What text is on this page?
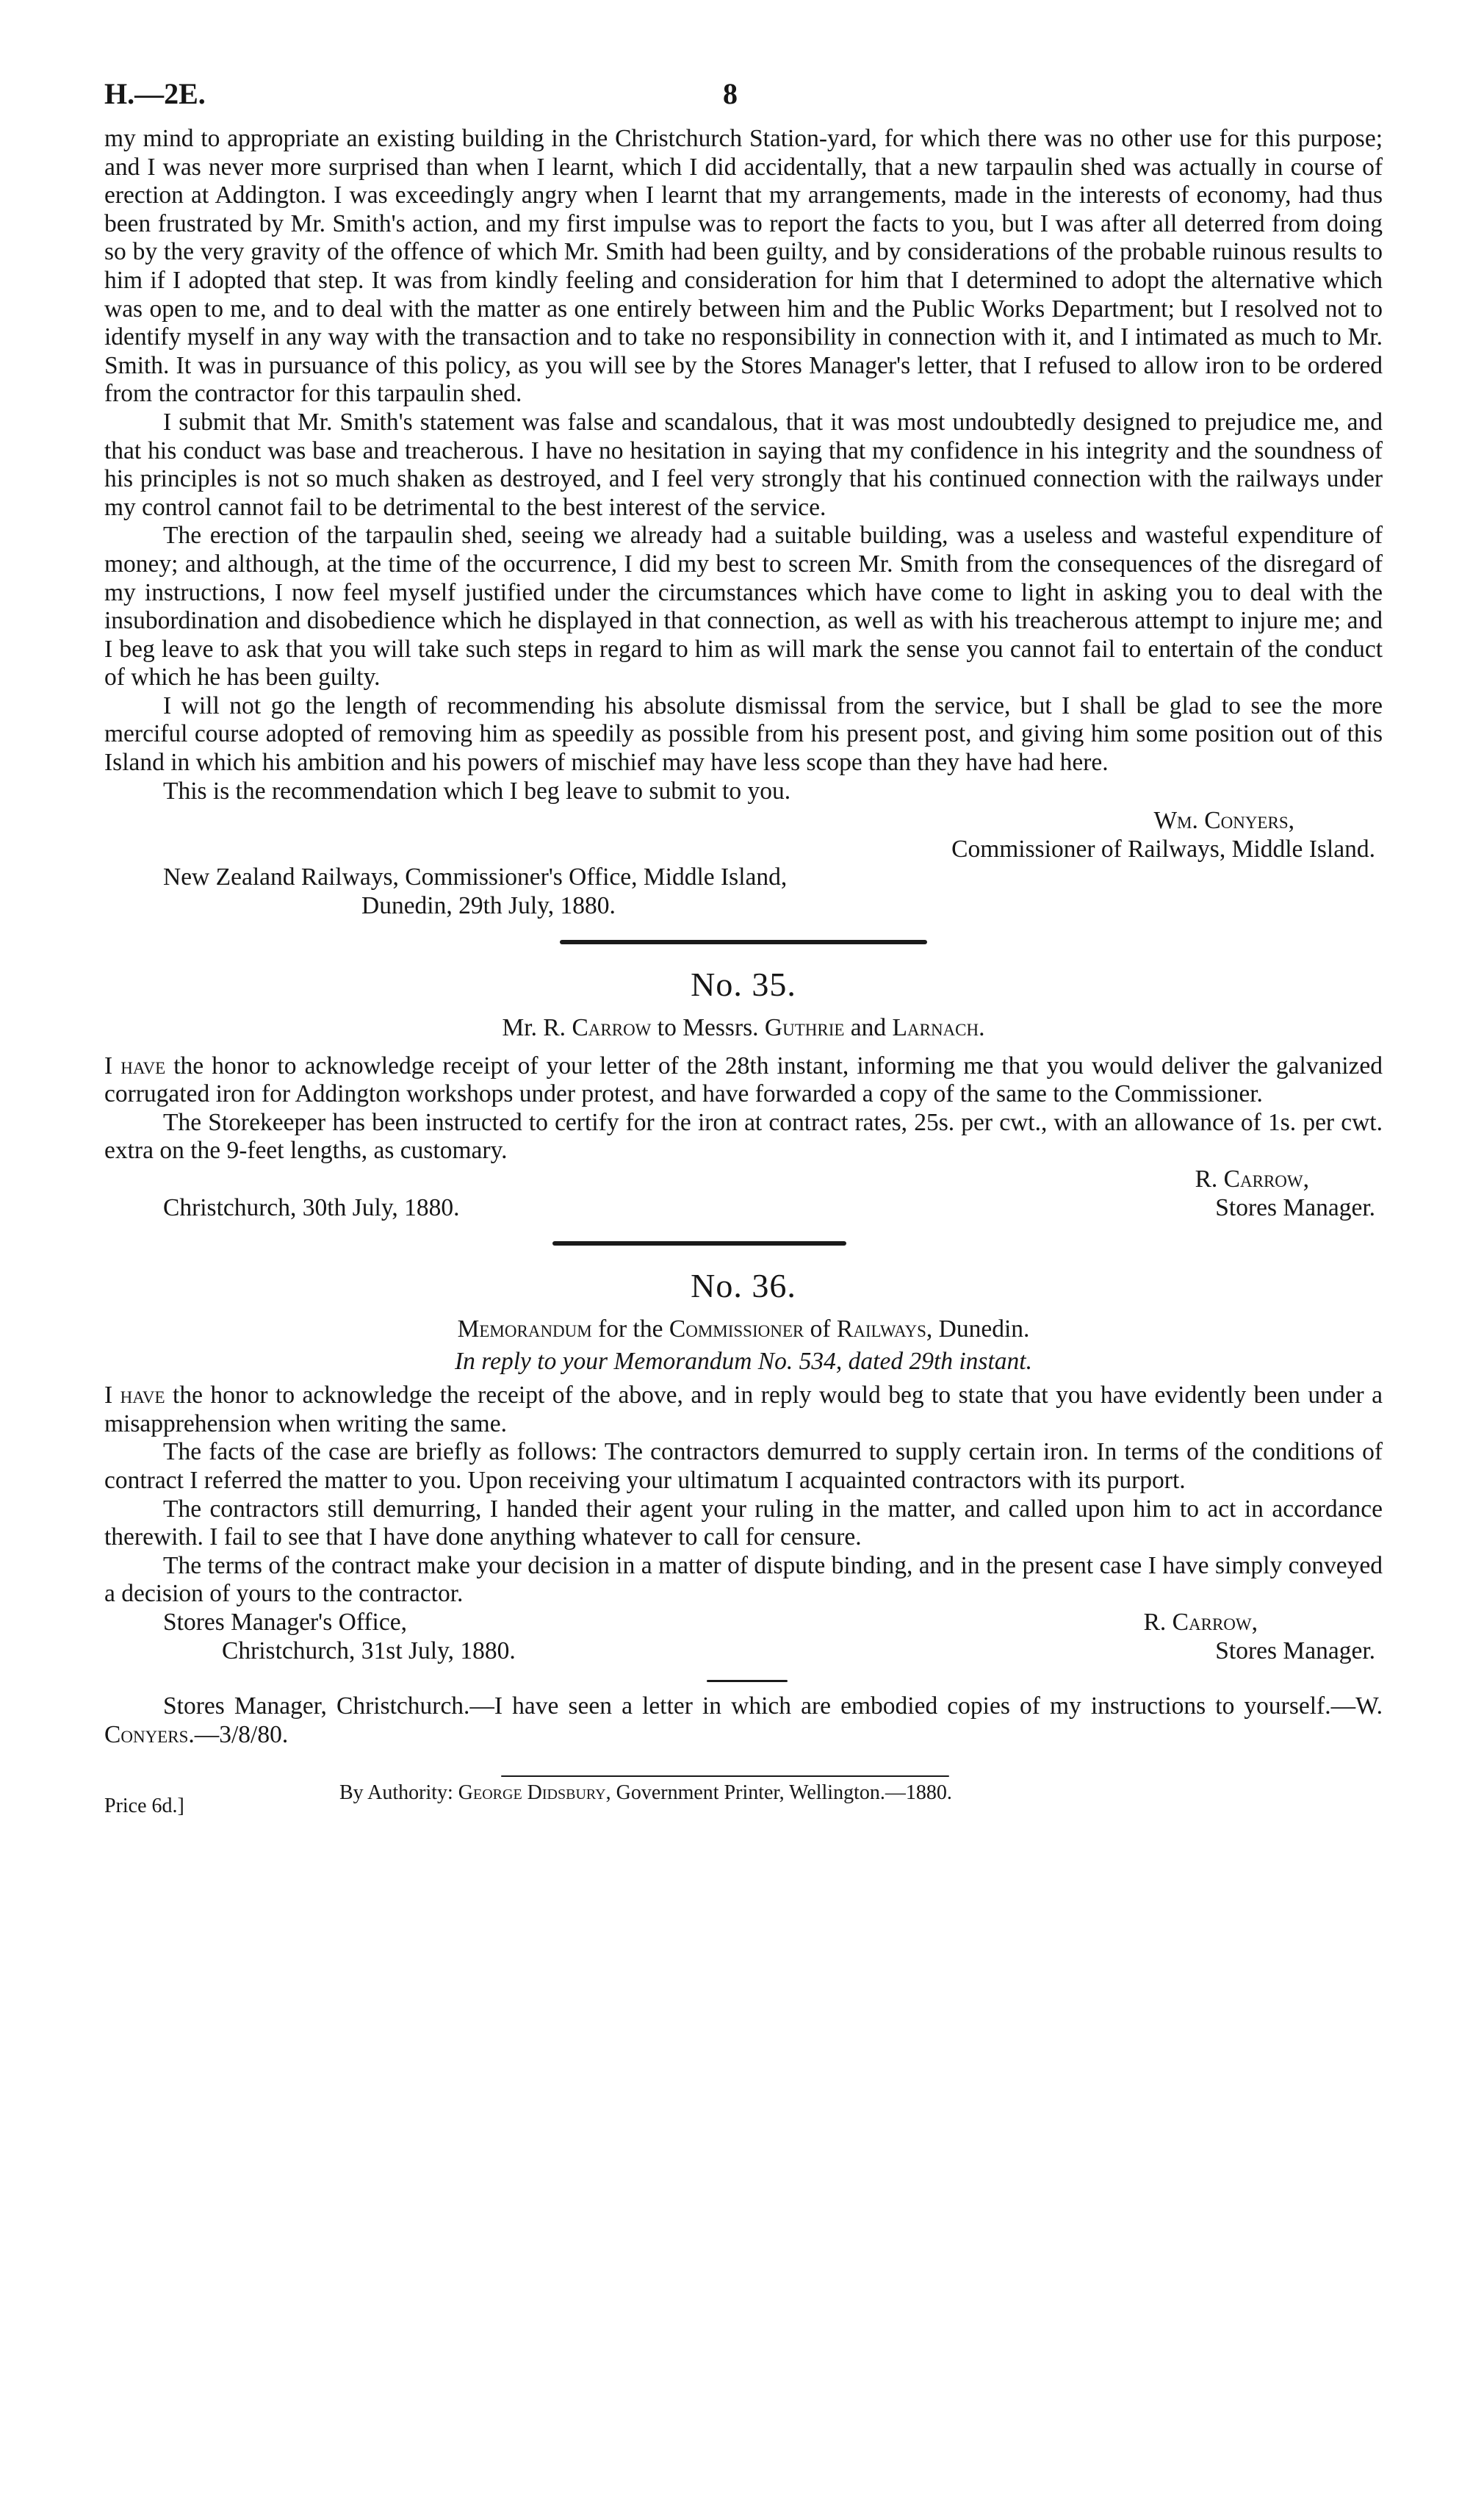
H.—2E.	8

my mind to appropriate an existing building in the Christchurch Station-yard, for which there was no other use for this purpose; and I was never more surprised than when I learnt, which I did accidentally, that a new tarpaulin shed was actually in course of erection at Addington. I was exceedingly angry when I learnt that my arrangements, made in the interests of economy, had thus been frustrated by Mr. Smith's action, and my first impulse was to report the facts to you, but I was after all deterred from doing so by the very gravity of the offence of which Mr. Smith had been guilty, and by considerations of the probable ruinous results to him if I adopted that step. It was from kindly feeling and consideration for him that I determined to adopt the alternative which was open to me, and to deal with the matter as one entirely between him and the Public Works Department; but I resolved not to identify myself in any way with the transaction and to take no responsibility in connection with it, and I intimated as much to Mr. Smith. It was in pursuance of this policy, as you will see by the Stores Manager's letter, that I refused to allow iron to be ordered from the contractor for this tarpaulin shed.

I submit that Mr. Smith's statement was false and scandalous, that it was most undoubtedly designed to prejudice me, and that his conduct was base and treacherous. I have no hesitation in saying that my confidence in his integrity and the soundness of his principles is not so much shaken as destroyed, and I feel very strongly that his continued connection with the railways under my control cannot fail to be detrimental to the best interest of the service.

The erection of the tarpaulin shed, seeing we already had a suitable building, was a useless and wasteful expenditure of money; and although, at the time of the occurrence, I did my best to screen Mr. Smith from the consequences of the disregard of my instructions, I now feel myself justified under the circumstances which have come to light in asking you to deal with the insubordination and disobedience which he displayed in that connection, as well as with his treacherous attempt to injure me; and I beg leave to ask that you will take such steps in regard to him as will mark the sense you cannot fail to entertain of the conduct of which he has been guilty.

I will not go the length of recommending his absolute dismissal from the service, but I shall be glad to see the more merciful course adopted of removing him as speedily as possible from his present post, and giving him some position out of this Island in which his ambition and his powers of mischief may have less scope than they have had here.

This is the recommendation which I beg leave to submit to you.

Wm. Conyers,
Commissioner of Railways, Middle Island.
New Zealand Railways, Commissioner's Office, Middle Island,
Dunedin, 29th July, 1880.
No. 35.
Mr. R. Carrow to Messrs. Guthrie and Larnach.

I have the honor to acknowledge receipt of your letter of the 28th instant, informing me that you would deliver the galvanized corrugated iron for Addington workshops under protest, and have forwarded a copy of the same to the Commissioner.

The Storekeeper has been instructed to certify for the iron at contract rates, 25s. per cwt., with an allowance of 1s. per cwt. extra on the 9-feet lengths, as customary.

R. Carrow,
Christchurch, 30th July, 1880.	Stores Manager.
No. 36.
Memorandum for the Commissioner of Railways, Dunedin.
In reply to your Memorandum No. 534, dated 29th instant.

I have the honor to acknowledge the receipt of the above, and in reply would beg to state that you have evidently been under a misapprehension when writing the same.

The facts of the case are briefly as follows: The contractors demurred to supply certain iron. In terms of the conditions of contract I referred the matter to you. Upon receiving your ultimatum I acquainted contractors with its purport.

The contractors still demurring, I handed their agent your ruling in the matter, and called upon him to act in accordance therewith. I fail to see that I have done anything whatever to call for censure.

The terms of the contract make your decision in a matter of dispute binding, and in the present case I have simply conveyed a decision of yours to the contractor.

Stores Manager's Office,	R. Carrow,
Christchurch, 31st July, 1880.	Stores Manager.

Stores Manager, Christchurch.—I have seen a letter in which are embodied copies of my instructions to yourself.—W. Conyers.—3/8/80.

Price 6d.]
By Authority: George Didsbury, Government Printer, Wellington.—1880.
